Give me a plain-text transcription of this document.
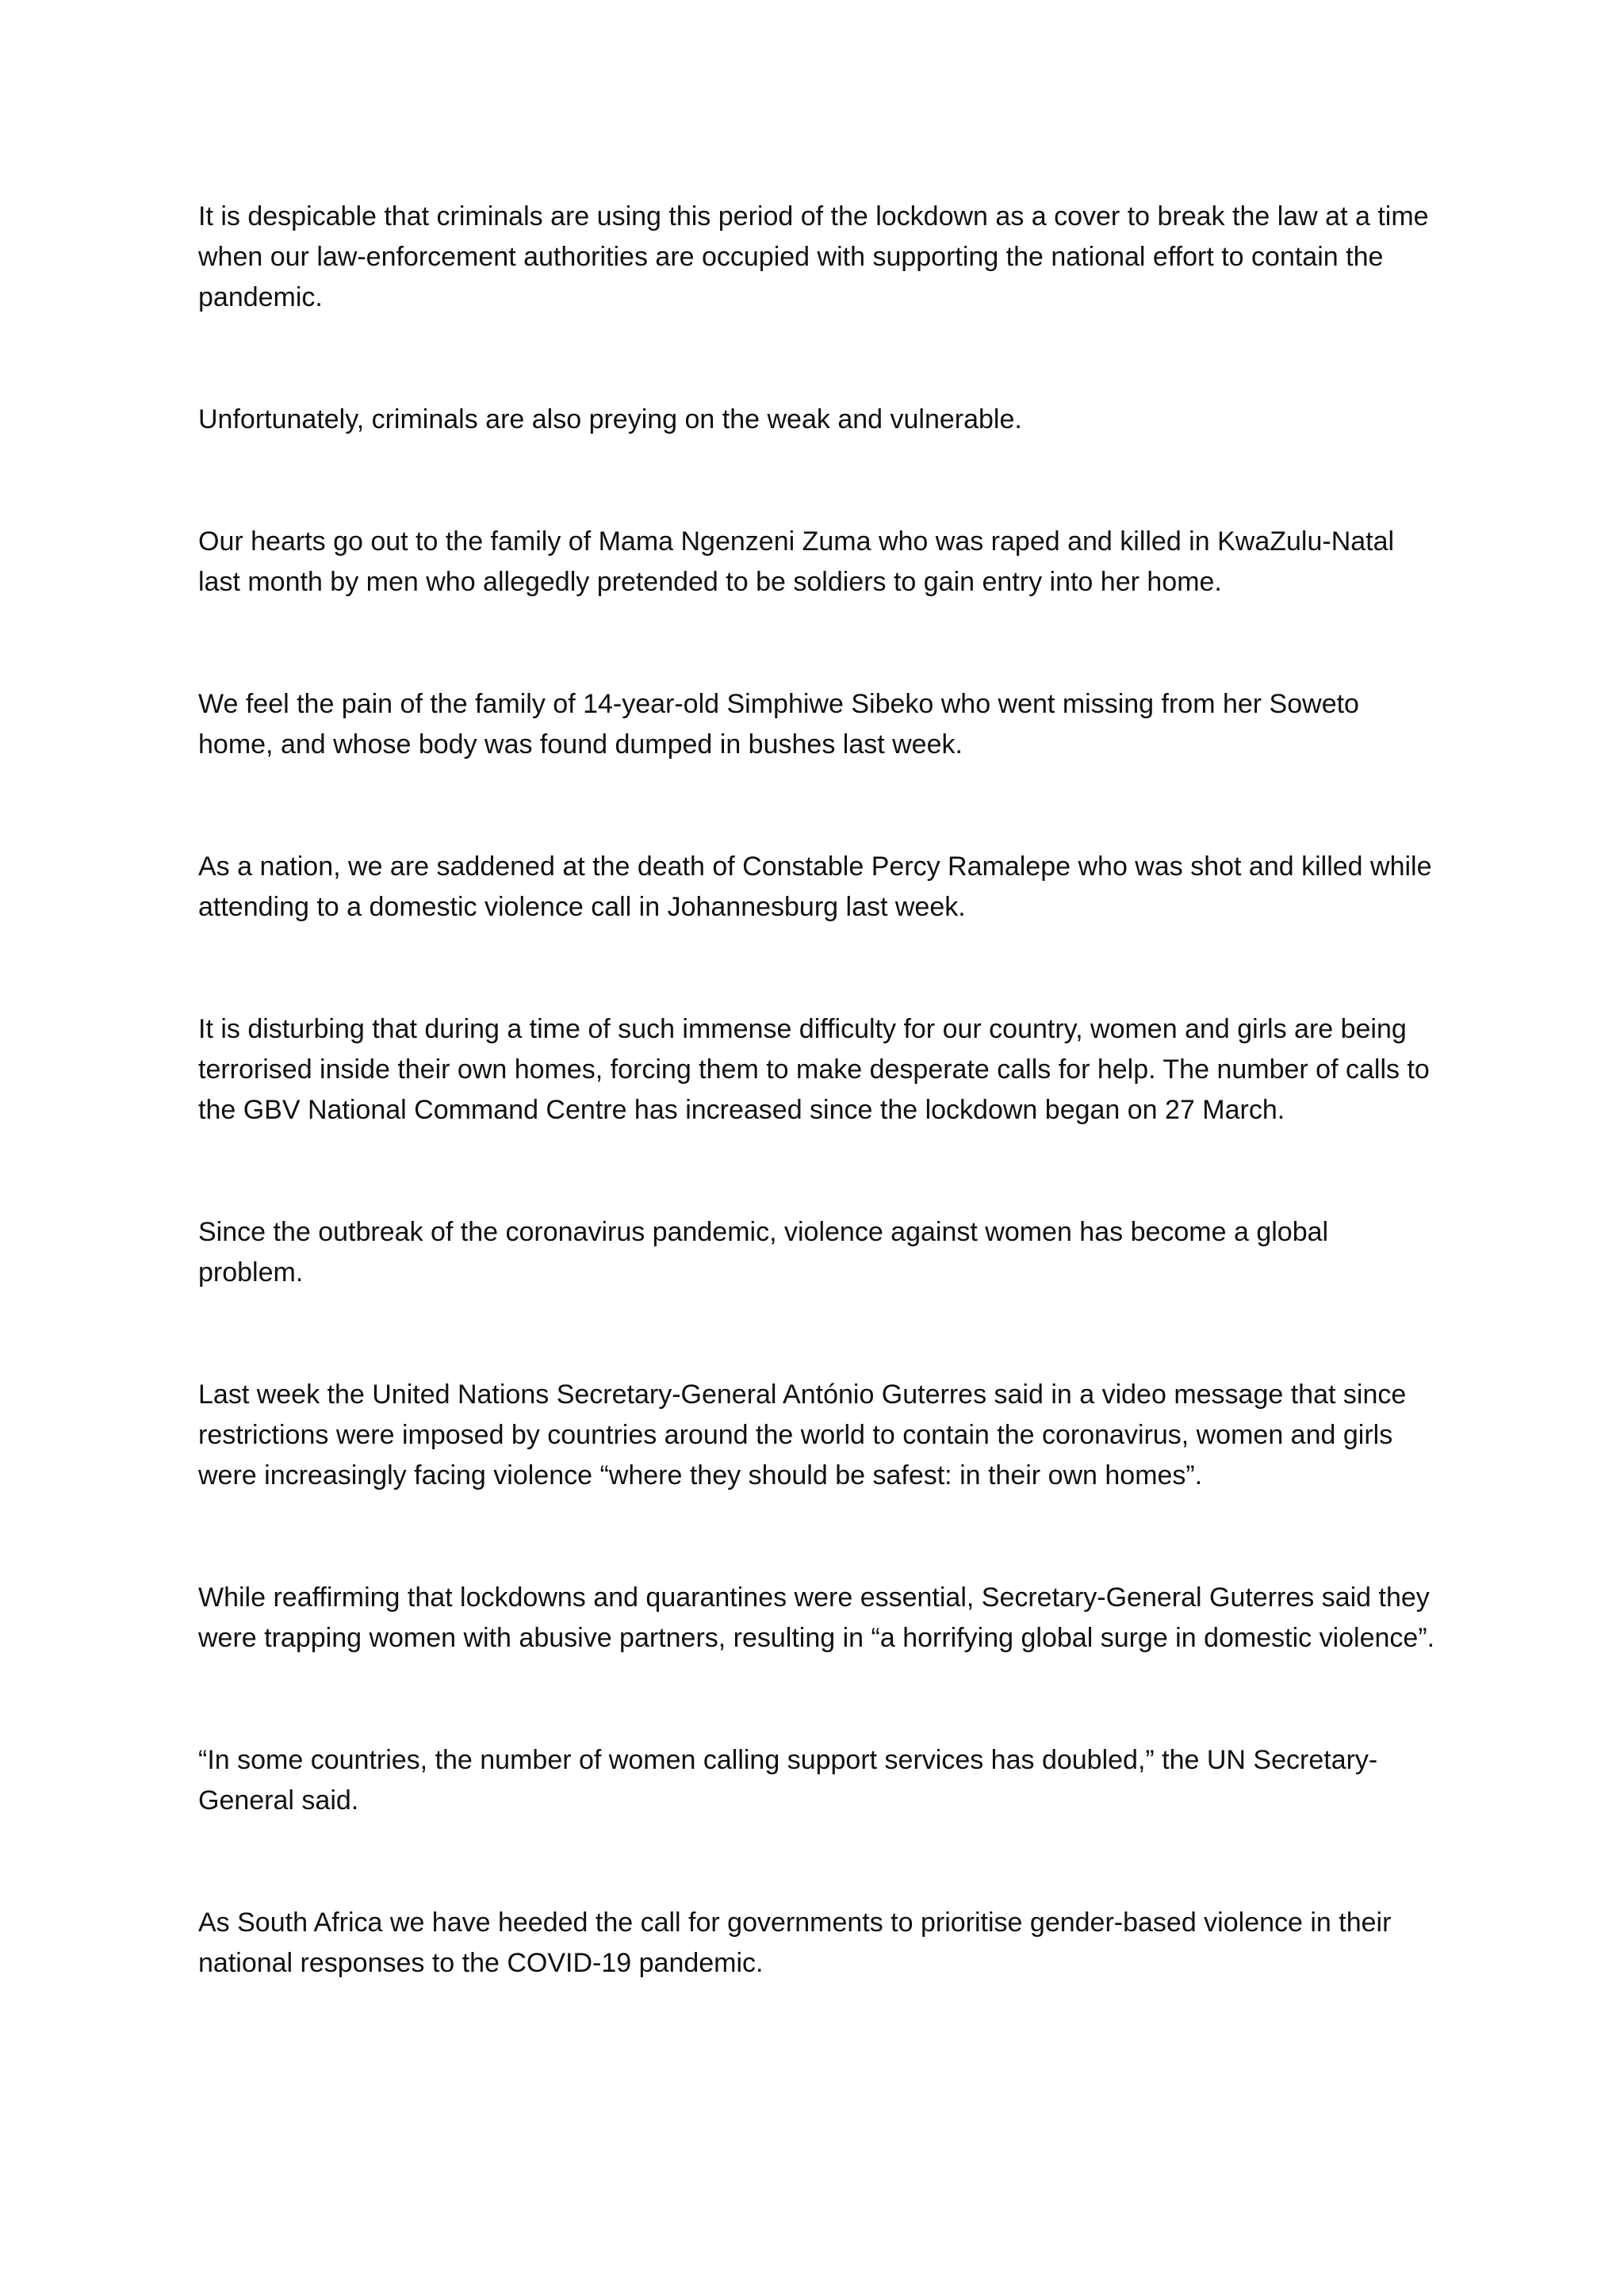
It is despicable that criminals are using this period of the lockdown as a cover to break the law at a time when our law-enforcement authorities are occupied with supporting the national effort to contain the pandemic.

Unfortunately, criminals are also preying on the weak and vulnerable.

Our hearts go out to the family of Mama Ngenzeni Zuma who was raped and killed in KwaZulu-Natal last month by men who allegedly pretended to be soldiers to gain entry into her home.

We feel the pain of the family of 14-year-old Simphiwe Sibeko who went missing from her Soweto home, and whose body was found dumped in bushes last week.

As a nation, we are saddened at the death of Constable Percy Ramalepe who was shot and killed while attending to a domestic violence call in Johannesburg last week.

It is disturbing that during a time of such immense difficulty for our country, women and girls are being terrorised inside their own homes, forcing them to make desperate calls for help. The number of calls to the GBV National Command Centre has increased since the lockdown began on 27 March.

Since the outbreak of the coronavirus pandemic, violence against women has become a global problem.

Last week the United Nations Secretary-General António Guterres said in a video message that since restrictions were imposed by countries around the world to contain the coronavirus, women and girls were increasingly facing violence “where they should be safest: in their own homes”.

While reaffirming that lockdowns and quarantines were essential, Secretary-General Guterres said they were trapping women with abusive partners, resulting in “a horrifying global surge in domestic violence”.

“In some countries, the number of women calling support services has doubled,” the UN Secretary-General said.

As South Africa we have heeded the call for governments to prioritise gender-based violence in their national responses to the COVID-19 pandemic.
